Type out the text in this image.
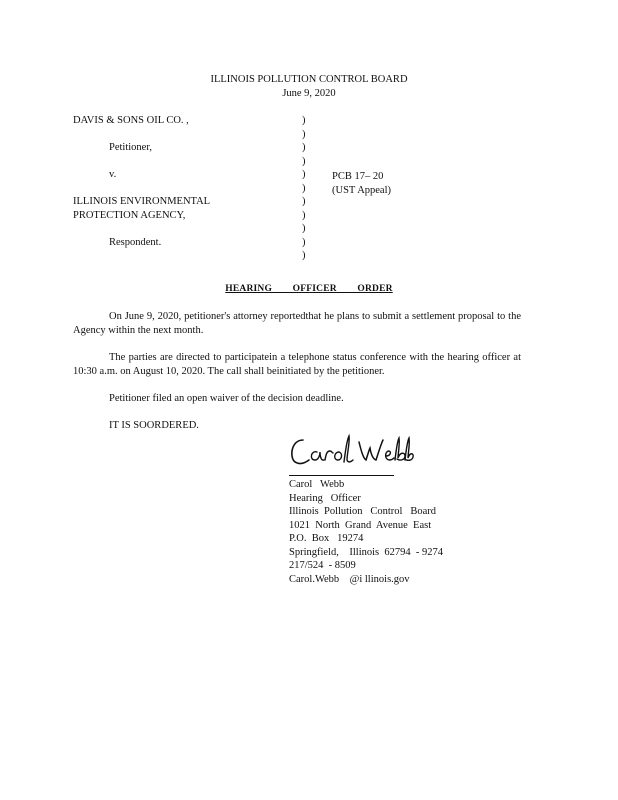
ILLINOIS POLLUTION CONTROL BOARD
June 9, 2020
DAVIS & SONS OIL CO. ,
Petitioner,
v.
ILLINOIS ENVIRONMENTAL
PROTECTION AGENCY,
Respondent.
)
)
)
)
)
)
)
)
)
)
)
PCB 17– 20
(UST Appeal)
HEARING        OFFICER        ORDER
On June 9, 2020, petitioner's attorney reportedthat he plans to submit a settlement proposal to the Agency within the next month.
The parties are directed to participatein a telephone status conference with the hearing officer at 10:30 a.m. on August 10, 2020. The call shall beinitiated by the petitioner.
Petitioner filed an open waiver of the decision deadline.
IT IS SOORDERED.
Carol   Webb
Hearing   Officer
Illinois  Pollution   Control   Board
1021  North  Grand  Avenue  East
P.O.  Box   19274
Springfield,    Illinois  62794  - 9274
217/524  - 8509
Carol.Webb    @i llinois.gov
